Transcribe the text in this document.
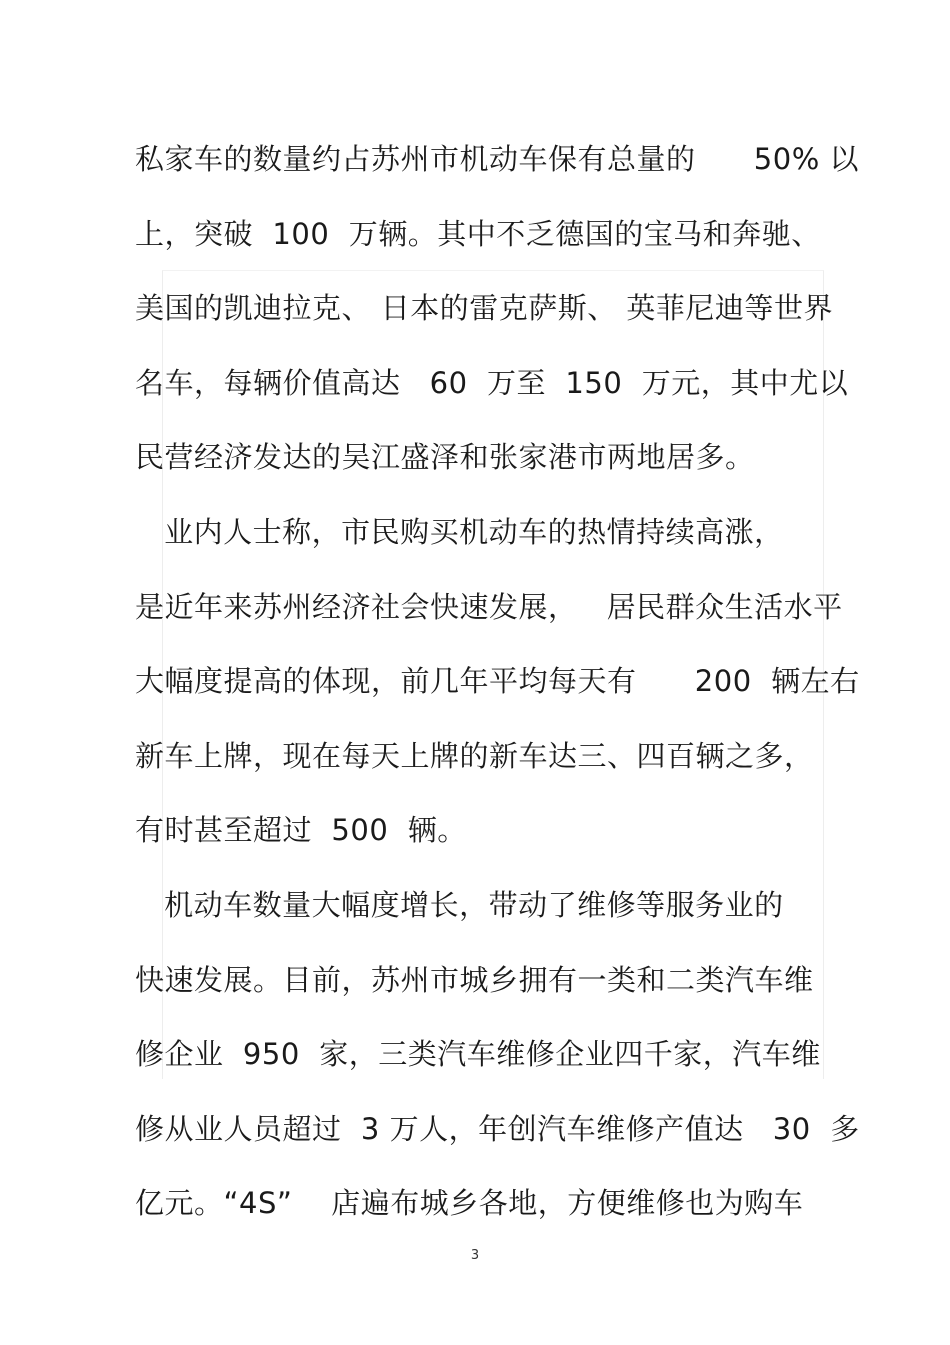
私家车的数量约占苏州市机动车保有总量的      50% 以
上，突破  100  万辆。其中不乏德国的宝马和奔驰、
美国的凯迪拉克、 日本的雷克萨斯、 英菲尼迪等世界
名车，每辆价值高达   60  万至  150  万元，其中尤以
民营经济发达的吴江盛泽和张家港市两地居多。
业内人士称，市民购买机动车的热情持续高涨，
是近年来苏州经济社会快速发展，   居民群众生活水平
大幅度提高的体现，前几年平均每天有      200  辆左右
新车上牌，现在每天上牌的新车达三、四百辆之多，
有时甚至超过  500  辆。
机动车数量大幅度增长，带动了维修等服务业的
快速发展。目前，苏州市城乡拥有一类和二类汽车维
修企业  950  家，三类汽车维修企业四千家，汽车维
修从业人员超过  3 万人，年创汽车维修产值达   30  多
亿元。“4S”    店遍布城乡各地，方便维修也为购车
3
